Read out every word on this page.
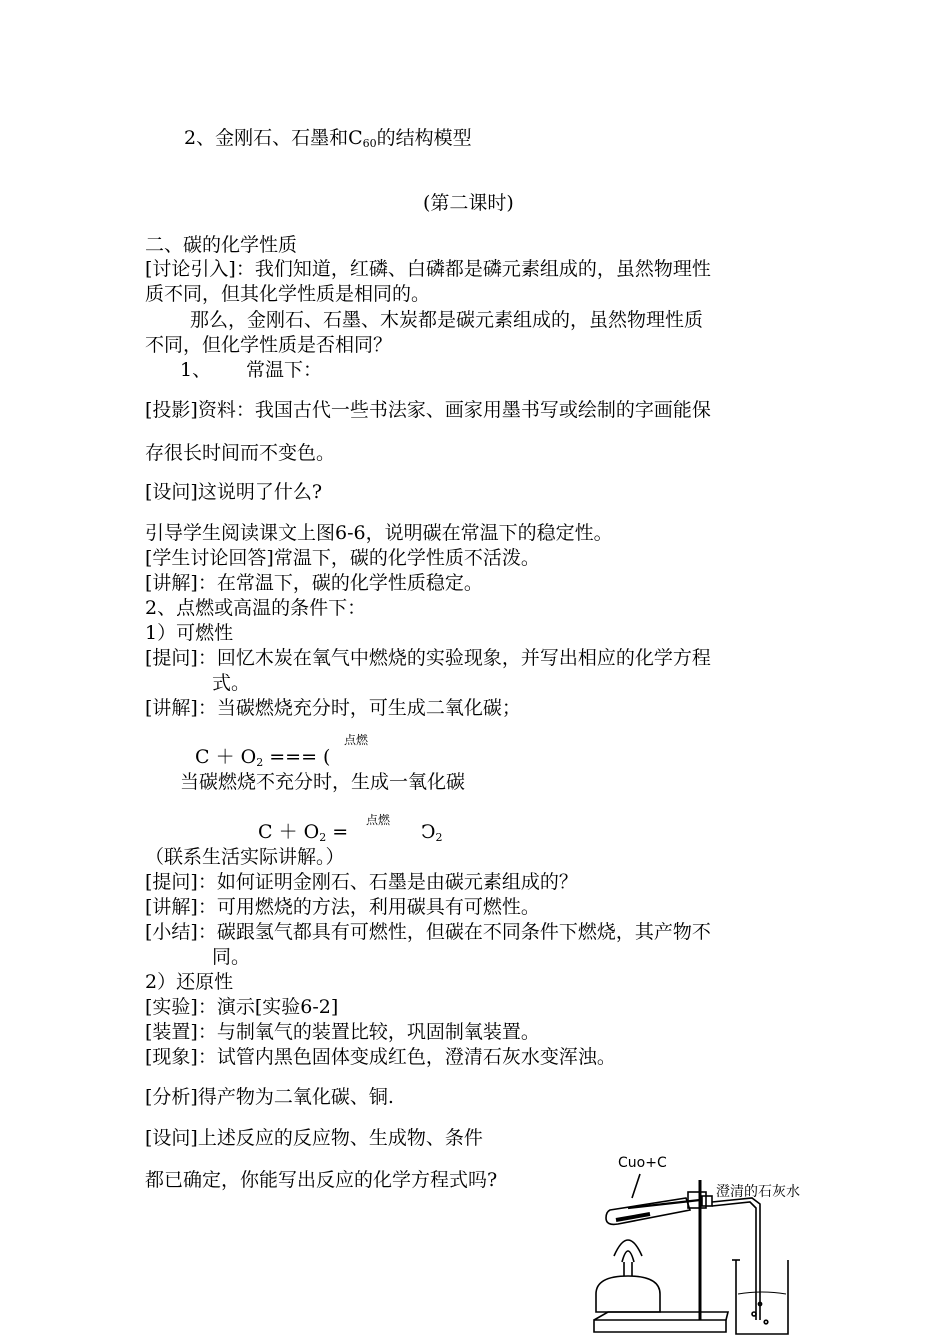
2、金刚石、石墨和$C_{60}$的结构模型
(第二课时)
二、碳的化学性质
[讨论引入]：我们知道，红磷、白磷都是磷元素组成的，虽然物理性
质不同，但其化学性质是相同的。
那么，金刚石、石墨、木炭都是碳元素组成的，虽然物理性质
不同，但化学性质是否相同？
1、 常温下：
[投影]资料：我国古代一些书法家、画家用墨书写或绘制的字画能保
存很长时间而不变色。
[设问]这说明了什么?
引导学生阅读课文上图6-6，说明碳在常温下的稳定性。
[学生讨论回答]常温下，碳的化学性质不活泼。
[讲解]：在常温下，碳的化学性质稳定。
2、点燃或高温的条件下：
1）可燃性
[提问]：回忆木炭在氧气中燃烧的实验现象，并写出相应的化学方程
式。
[讲解]：当碳燃烧充分时，可生成二氧化碳；
点燃
$C + O_2$ === (
当碳燃烧不充分时，生成一氧化碳
点燃
$C + O_2$ =	$Ͻ_2$
（联系生活实际讲解。）
[提问]：如何证明金刚石、石墨是由碳元素组成的？
[讲解]：可用燃烧的方法，利用碳具有可燃性。
[小结]：碳跟氢气都具有可燃性，但碳在不同条件下燃烧，其产物不
同。
2）还原性
[实验]：演示[实验6-2]
[装置]：与制氧气的装置比较，巩固制氧装置。
[现象]：试管内黑色固体变成红色，澄清石灰水变浑浊。
[分析]得产物为二氧化碳、铜.
[设问]上述反应的反应物、生成物、条件
都已确定，你能写出反应的化学方程式吗?
Cuo+C
澄清的石灰水
